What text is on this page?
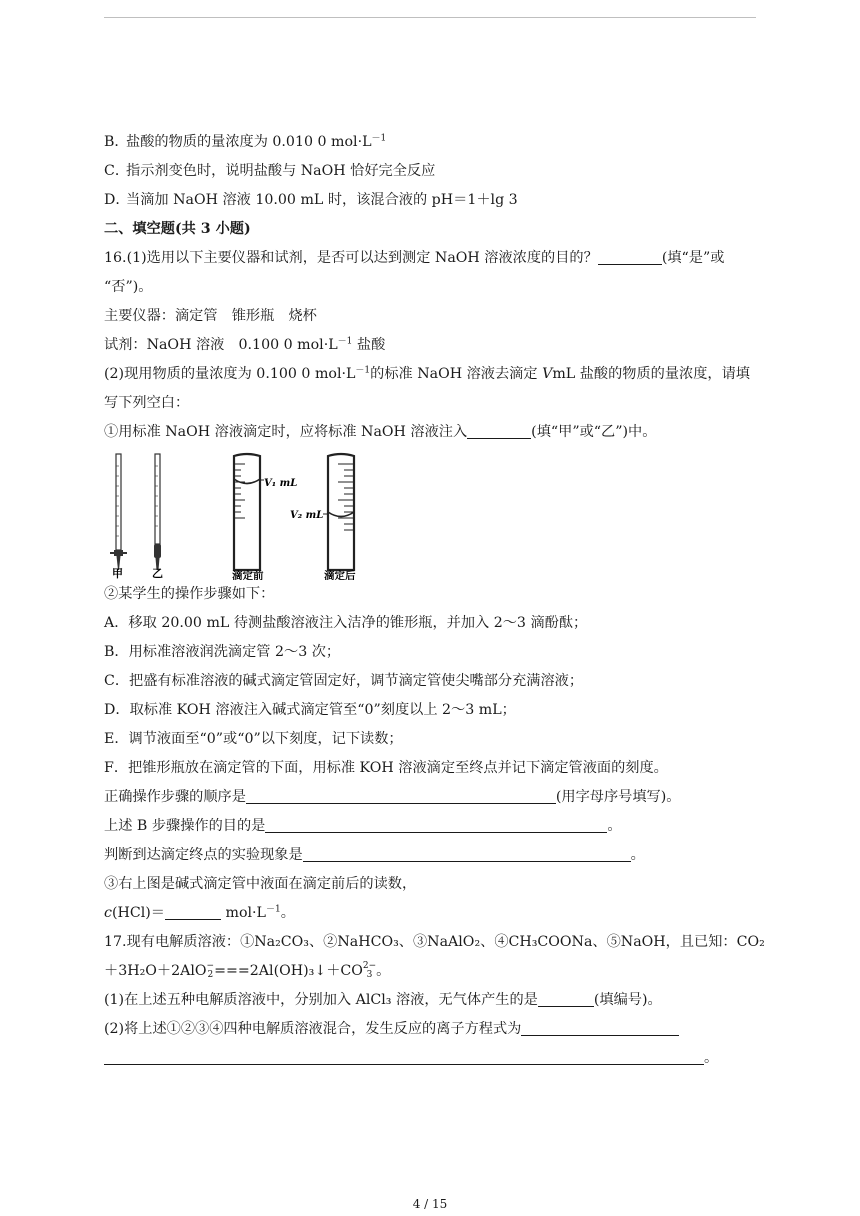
B．盐酸的物质的量浓度为 0.010 0 $mol\cdot L^{-1}$
C．指示剂变色时，说明盐酸与 NaOH 恰好完全反应
D．当滴加 NaOH 溶液 10.00 mL 时，该混合液的 pH＝1＋lg 3
二、填空题(共 3 小题)
16.(1)选用以下主要仪器和试剂，是否可以达到测定 NaOH 溶液浓度的目的？	(填“是”或
“否”)。
主要仪器：滴定管　锥形瓶　烧杯
试剂：NaOH 溶液　0.100 0 $mol\cdot L^{-1}$ 盐酸
(2)现用物质的量浓度为 0.100 0 $mol\cdot L^{-1}$的标准 NaOH 溶液去滴定 VmL 盐酸的物质的量浓度，请填
写下列空白：
①用标准 NaOH 溶液滴定时，应将标准 NaOH 溶液注入	(填“甲”或“乙”)中。
甲	乙
V₁ mL
滴定前
V₂ mL
滴定后
②某学生的操作步骤如下：
A．移取 20.00 mL 待测盐酸溶液注入洁净的锥形瓶，并加入 2～3 滴酚酞；
B．用标准溶液润洗滴定管 2～3 次；
C．把盛有标准溶液的碱式滴定管固定好，调节滴定管使尖嘴部分充满溶液；
D．取标准 KOH 溶液注入碱式滴定管至“0”刻度以上 2～3 mL；
E．调节液面至“0”或“0”以下刻度，记下读数；
F．把锥形瓶放在滴定管的下面，用标准 KOH 溶液滴定至终点并记下滴定管液面的刻度。
正确操作步骤的顺序是	(用字母序号填写)。
上述 B 步骤操作的目的是	。
判断到达滴定终点的实验现象是	。
③右上图是碱式滴定管中液面在滴定前后的读数，
c(HCl)＝	$mol\cdot L^{-1}$。
17.现有电解质溶液：①Na₂CO₃、②NaHCO₃、③NaAlO₂、④CH₃COONa、⑤NaOH，且已知：CO₂
＋3H₂O＋2AlO−
2===2Al(OH)₃↓＋CO2−
3 。
(1)在上述五种电解质溶液中，分别加入 AlCl₃ 溶液，无气体产生的是	(填编号)。
(2)将上述①②③④四种电解质溶液混合，发生反应的离子方程式为
。
4 / 15
